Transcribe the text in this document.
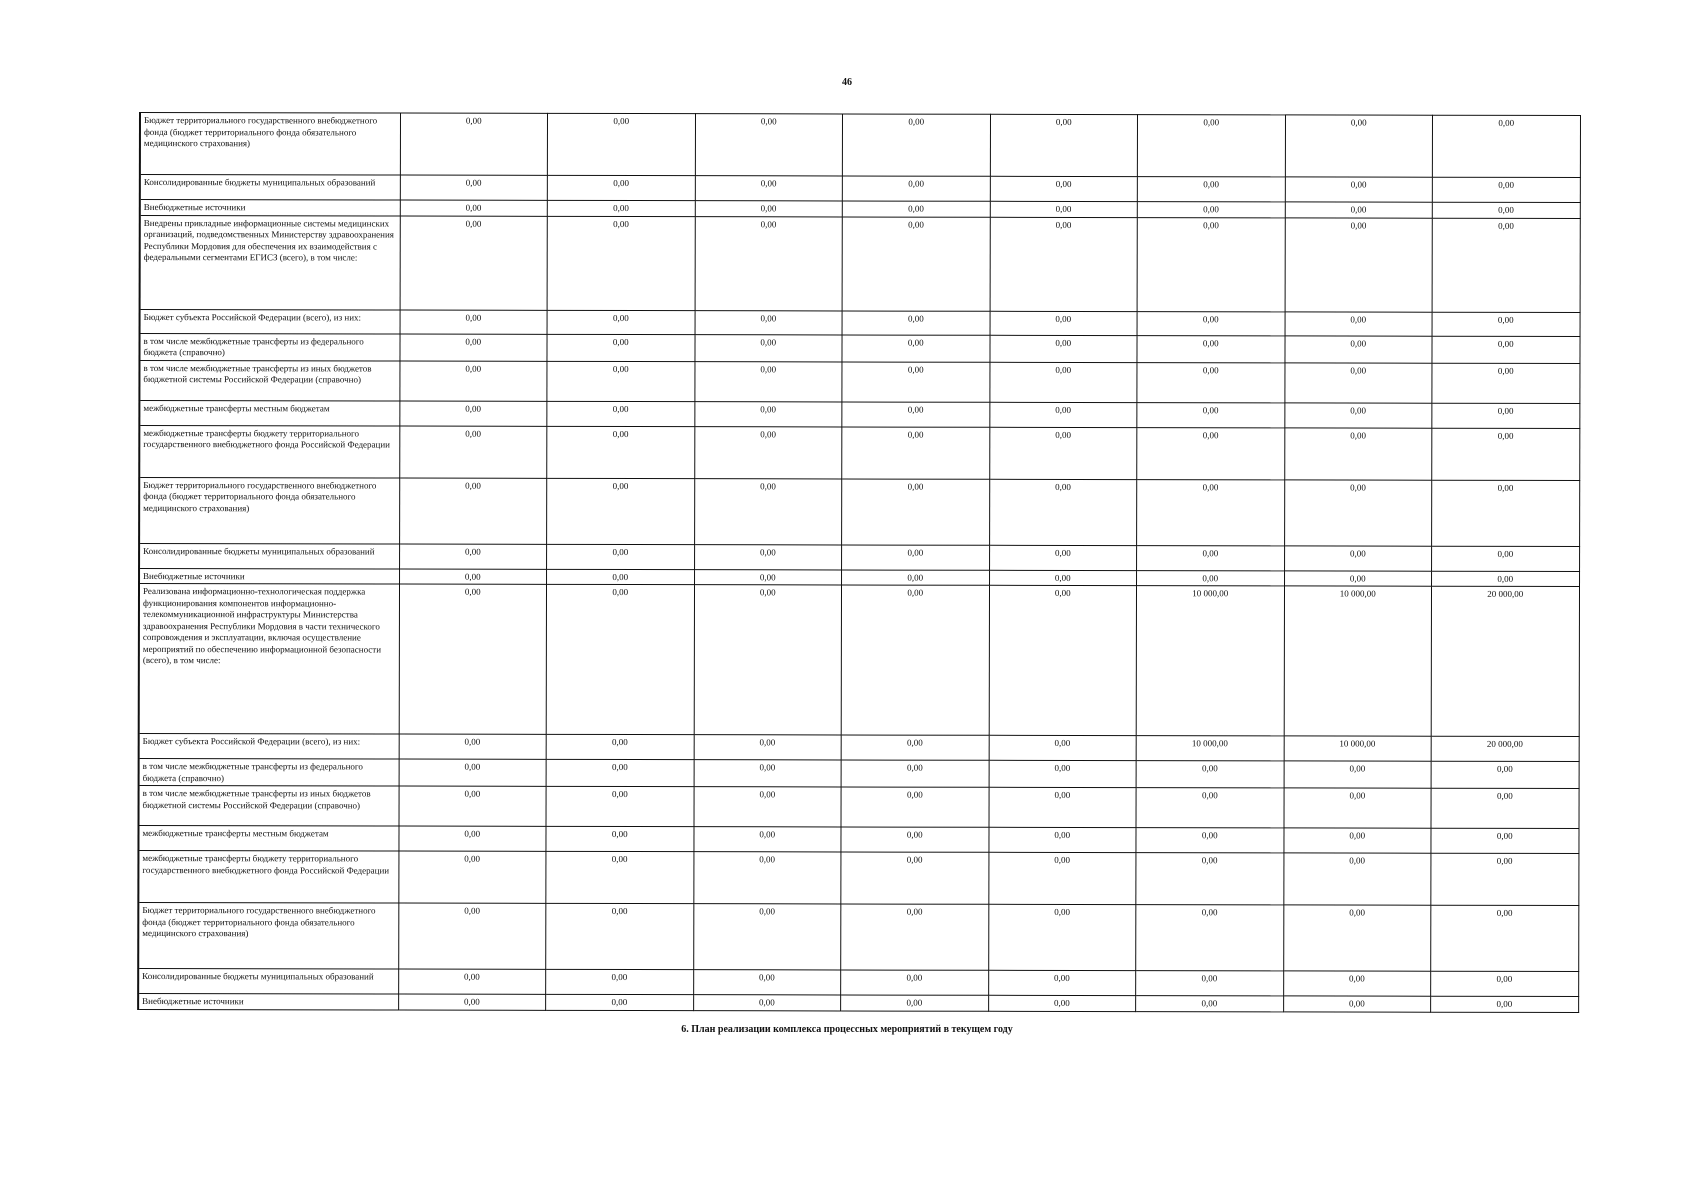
46
Бюджет территориального государственного внебюджетного фонда (бюджет территориального фонда обязательного медицинского страхования)	0,00	0,00	0,00	0,00	0,00	0,00	0,00	0,00
Консолидированные бюджеты муниципальных образований	0,00	0,00	0,00	0,00	0,00	0,00	0,00	0,00
Внебюджетные источники	0,00	0,00	0,00	0,00	0,00	0,00	0,00	0,00
Внедрены прикладные информационные системы медицинских организаций, подведомственных Министерству здравоохранения Республики Мордовия для обеспечения их взаимодействия с федеральными сегментами ЕГИСЗ (всего), в том числе:	0,00	0,00	0,00	0,00	0,00	0,00	0,00	0,00
Бюджет субъекта Российской Федерации (всего), из них:	0,00	0,00	0,00	0,00	0,00	0,00	0,00	0,00
в том числе межбюджетные трансферты из федерального бюджета (справочно)	0,00	0,00	0,00	0,00	0,00	0,00	0,00	0,00
в том числе межбюджетные трансферты из иных бюджетов бюджетной системы Российской Федерации (справочно)	0,00	0,00	0,00	0,00	0,00	0,00	0,00	0,00
межбюджетные трансферты местным бюджетам	0,00	0,00	0,00	0,00	0,00	0,00	0,00	0,00
межбюджетные трансферты бюджету территориального государственного внебюджетного фонда Российской Федерации	0,00	0,00	0,00	0,00	0,00	0,00	0,00	0,00
Бюджет территориального государственного внебюджетного фонда (бюджет территориального фонда обязательного медицинского страхования)	0,00	0,00	0,00	0,00	0,00	0,00	0,00	0,00
Консолидированные бюджеты муниципальных образований	0,00	0,00	0,00	0,00	0,00	0,00	0,00	0,00
Внебюджетные источники	0,00	0,00	0,00	0,00	0,00	0,00	0,00	0,00
Реализована информационно-технологическая поддержка функционирования компонентов информационно-телекоммуникационной инфраструктуры Министерства здравоохранения Республики Мордовия в части технического сопровождения и эксплуатации, включая осуществление мероприятий по обеспечению информационной безопасности (всего), в том числе:	0,00	0,00	0,00	0,00	0,00	10 000,00	10 000,00	20 000,00
Бюджет субъекта Российской Федерации (всего), из них:	0,00	0,00	0,00	0,00	0,00	10 000,00	10 000,00	20 000,00
в том числе межбюджетные трансферты из федерального бюджета (справочно)	0,00	0,00	0,00	0,00	0,00	0,00	0,00	0,00
в том числе межбюджетные трансферты из иных бюджетов бюджетной системы Российской Федерации (справочно)	0,00	0,00	0,00	0,00	0,00	0,00	0,00	0,00
межбюджетные трансферты местным бюджетам	0,00	0,00	0,00	0,00	0,00	0,00	0,00	0,00
межбюджетные трансферты бюджету территориального государственного внебюджетного фонда Российской Федерации	0,00	0,00	0,00	0,00	0,00	0,00	0,00	0,00
Бюджет территориального государственного внебюджетного фонда (бюджет территориального фонда обязательного медицинского страхования)	0,00	0,00	0,00	0,00	0,00	0,00	0,00	0,00
Консолидированные бюджеты муниципальных образований	0,00	0,00	0,00	0,00	0,00	0,00	0,00	0,00
Внебюджетные источники	0,00	0,00	0,00	0,00	0,00	0,00	0,00	0,00
6. План реализации комплекса процессных мероприятий в текущем году
